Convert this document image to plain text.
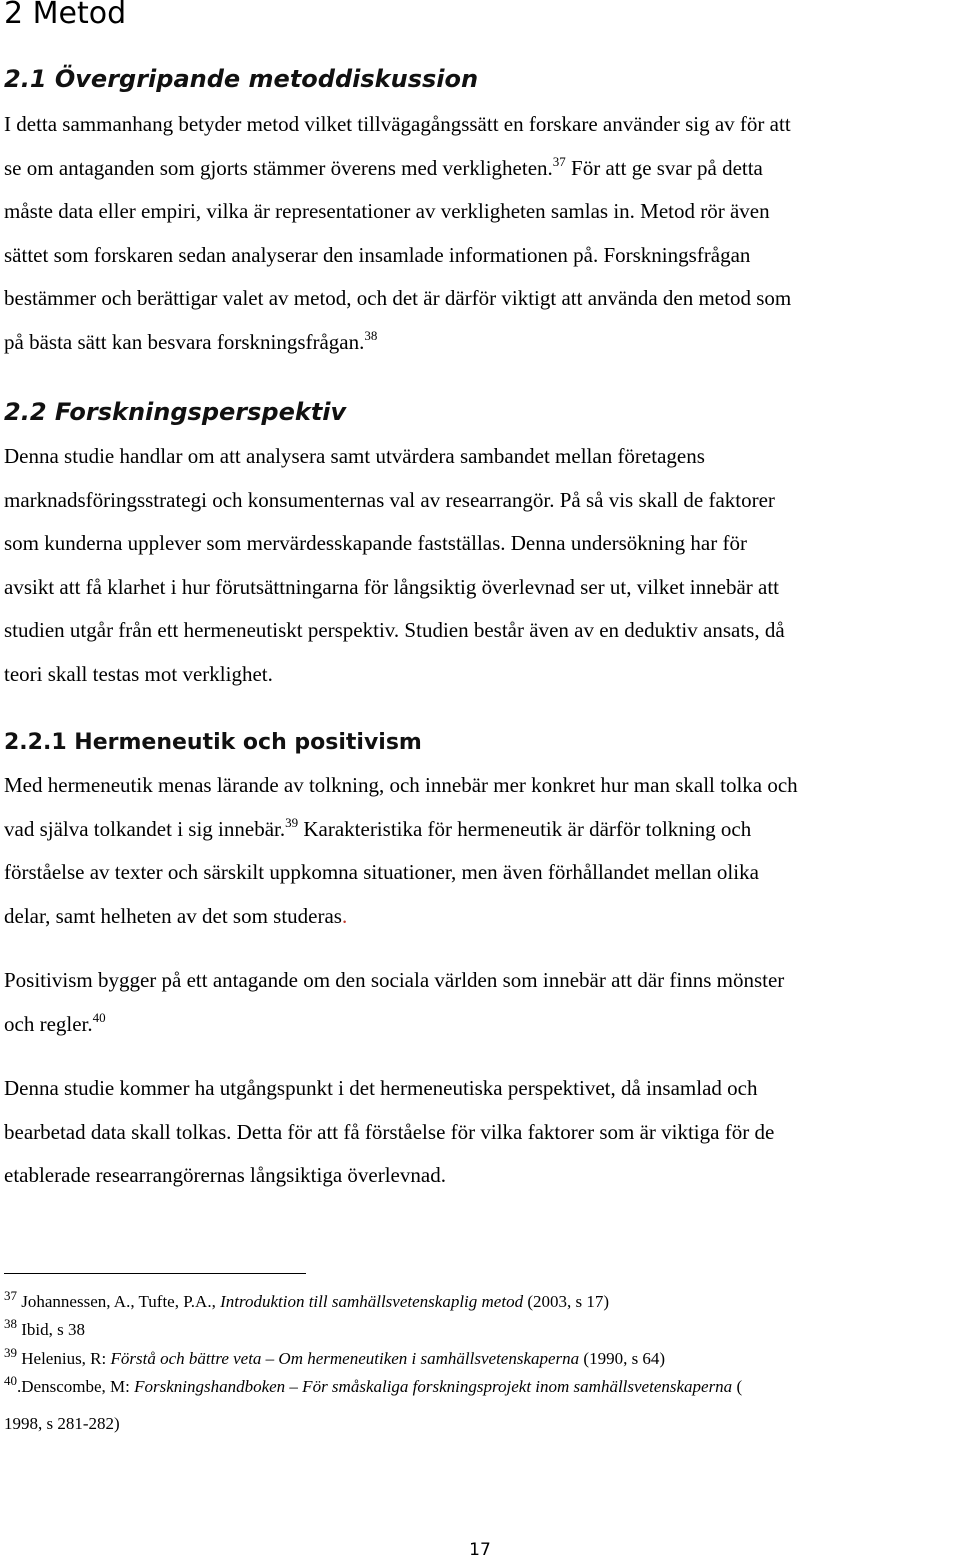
2 Metod
2.1 Övergripande metoddiskussion
I detta sammanhang betyder metod vilket tillvägagångssätt en forskare använder sig av för att
se om antaganden som gjorts stämmer överens med verkligheten.$^{37}$ För att ge svar på detta
måste data eller empiri, vilka är representationer av verkligheten samlas in. Metod rör även
sättet som forskaren sedan analyserar den insamlade informationen på. Forskningsfrågan
bestämmer och berättigar valet av metod, och det är därför viktigt att använda den metod som
på bästa sätt kan besvara forskningsfrågan.$^{38}$
2.2 Forskningsperspektiv
Denna studie handlar om att analysera samt utvärdera sambandet mellan företagens
marknadsföringsstrategi och konsumenternas val av researrangör. På så vis skall de faktorer
som kunderna upplever som mervärdesskapande fastställas. Denna undersökning har för
avsikt att få klarhet i hur förutsättningarna för långsiktig överlevnad ser ut, vilket innebär att
studien utgår från ett hermeneutiskt perspektiv. Studien består även av en deduktiv ansats, då
teori skall testas mot verklighet.
2.2.1 Hermeneutik och positivism
Med hermeneutik menas lärande av tolkning, och innebär mer konkret hur man skall tolka och
vad själva tolkandet i sig innebär.$^{39}$ Karakteristika för hermeneutik är därför tolkning och
förståelse av texter och särskilt uppkomna situationer, men även förhållandet mellan olika
delar, samt helheten av det som studeras.
Positivism bygger på ett antagande om den sociala världen som innebär att där finns mönster
och regler.$^{40}$
Denna studie kommer ha utgångspunkt i det hermeneutiska perspektivet, då insamlad och
bearbetad data skall tolkas. Detta för att få förståelse för vilka faktorer som är viktiga för de
etablerade researrangörernas långsiktiga överlevnad.
$^{37}$ Johannessen, A., Tufte, P.A., Introduktion till samhällsvetenskaplig metod (2003, s 17)
$^{38}$ Ibid, s 38
$^{39}$ Helenius, R: Förstå och bättre veta – Om hermeneutiken i samhällsvetenskaperna (1990, s 64)
$^{40}$.Denscombe, M: Forskningshandboken – För småskaliga forskningsprojekt inom samhällsvetenskaperna (
1998, s 281-282)
17
